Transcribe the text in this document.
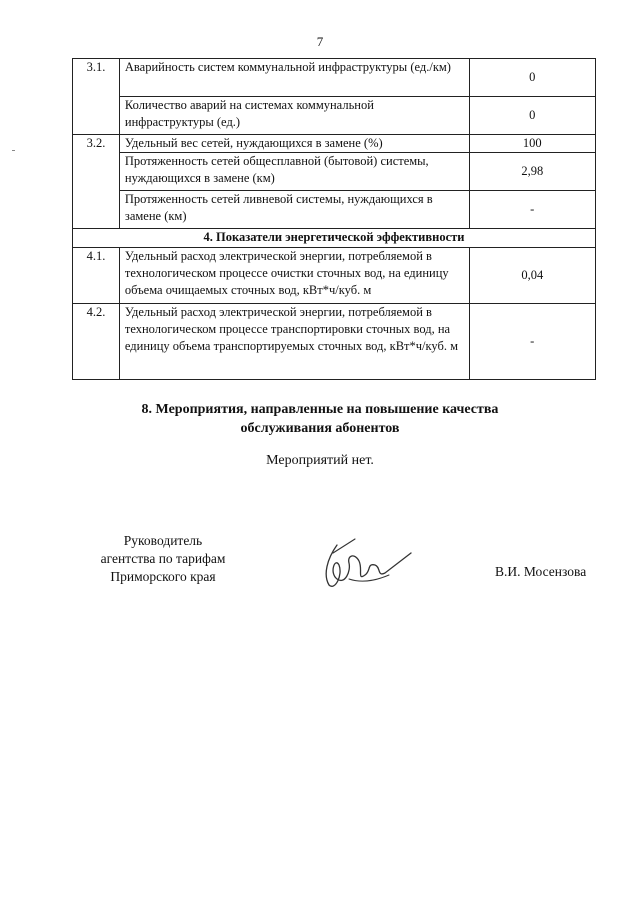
7
3.1.	Аварийность систем коммунальной инфраструктуры (ед./км)	0
	Количество аварий на системах коммунальной инфраструктуры (ед.)	0
3.2.	Удельный вес сетей, нуждающихся в замене (%)	100
	Протяженность сетей общесплавной (бытовой) системы, нуждающихся в замене (км)	2,98
	Протяженность сетей ливневой системы, нуждающихся в замене (км)	-
4. Показатели энергетической эффективности		
4.1.	Удельный расход электрической энергии, потребляемой в технологическом процессе очистки сточных вод, на единицу объема очищаемых сточных вод, кВт*ч/куб. м	0,04
4.2.	Удельный расход электрической энергии, потребляемой в технологическом процессе транспортировки сточных вод, на единицу объема транспортируемых сточных вод, кВт*ч/куб. м	-
8. Мероприятия, направленные на повышение качества
обслуживания абонентов
Мероприятий нет.
Руководитель
агентства по тарифам
Приморского края	В.И. Мосензова
